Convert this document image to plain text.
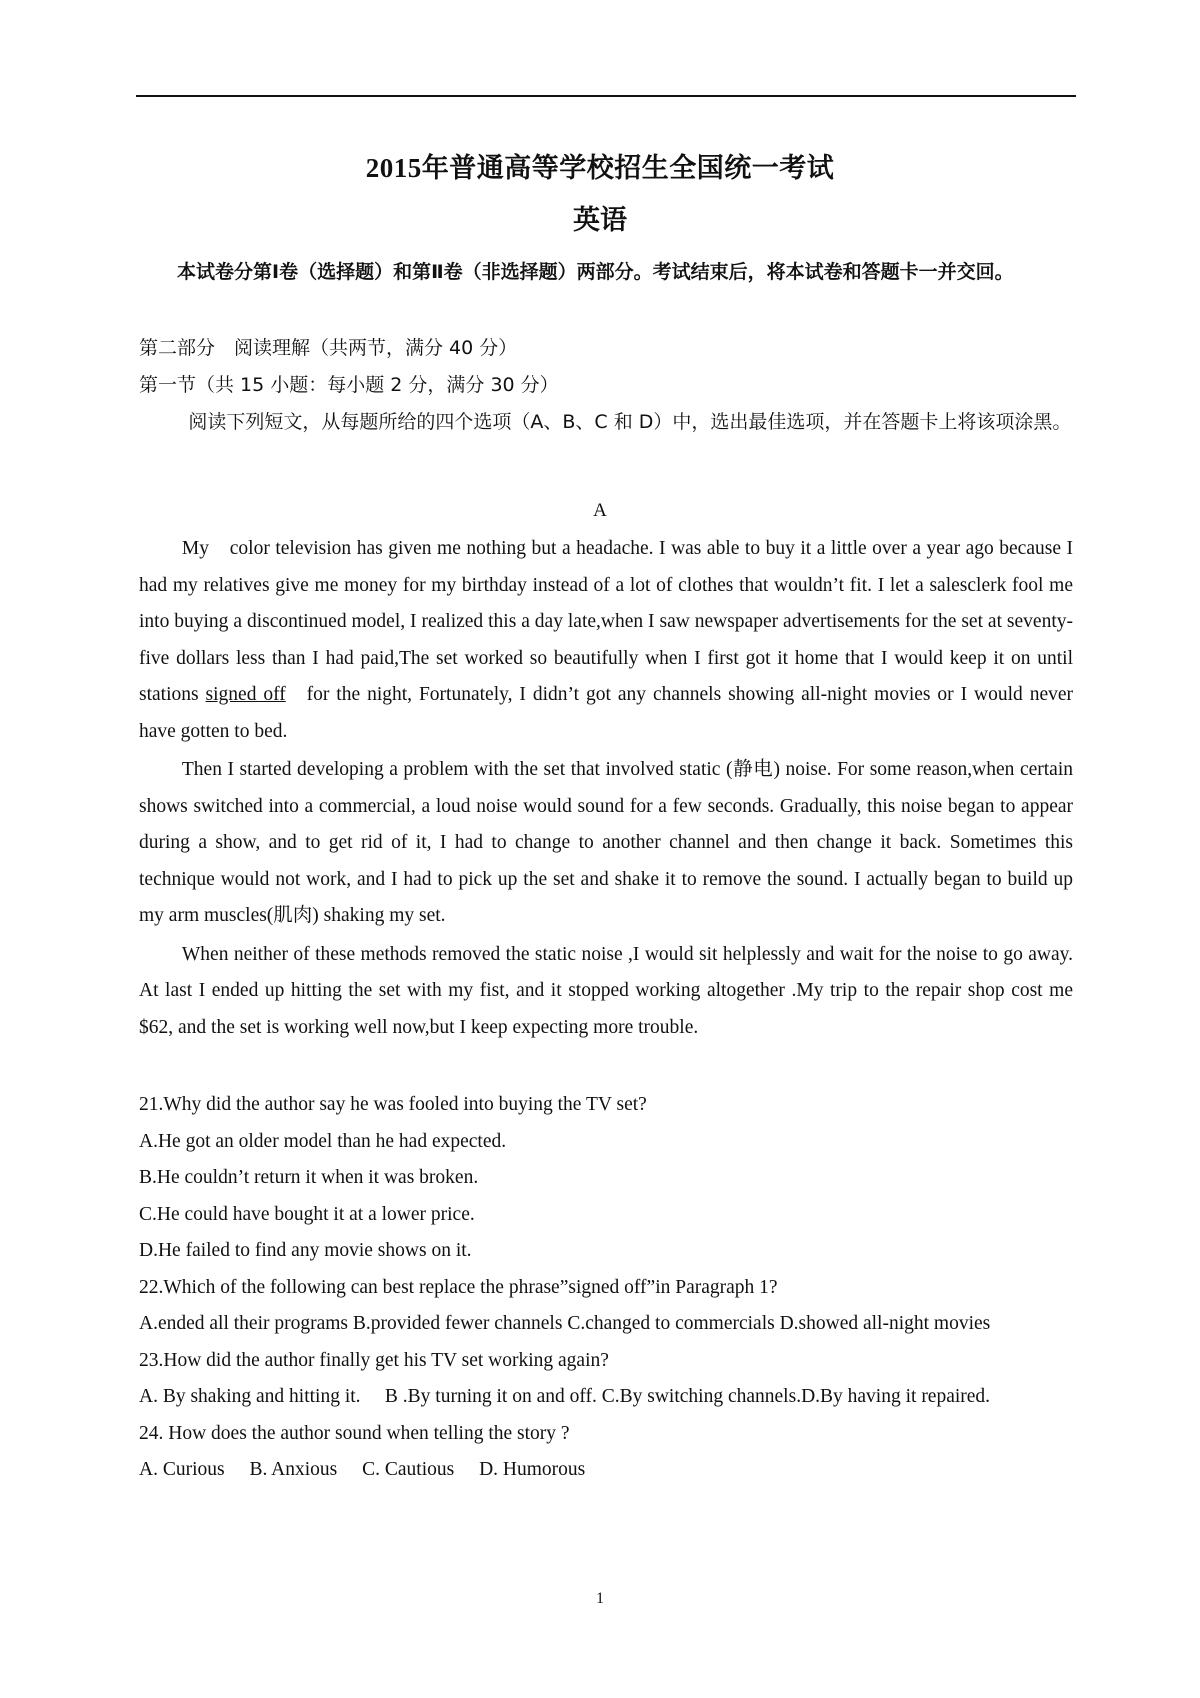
2015年普通高等学校招生全国统一考试
英语
本试卷分第Ⅰ卷（选择题）和第Ⅱ卷（非选择题）两部分。考试结束后，将本试卷和答题卡一并交回。
第二部分　阅读理解（共两节，满分 40 分）
第一节（共 15 小题：每小题 2 分，满分 30 分）
阅读下列短文，从每题所给的四个选项（A、B、C 和 D）中，选出最佳选项，并在答题卡上将该项涂黑。
A

My　color television has given me nothing but a headache. I was able to buy it a little over a year ago because I had my relatives give me money for my birthday instead of a lot of clothes that wouldn’t fit. I let a salesclerk fool me into buying a discontinued model, I realized this a day late,when I saw newspaper advertisements for the set at seventy-five dollars less than I had paid,The set worked so beautifully when I first got it home that I would keep it on until stations signed off for the night, Fortunately, I didn’t got any channels showing all-night movies or I would never have gotten to bed.

Then I started developing a problem with the set that involved static (静电) noise. For some reason,when certain shows switched into a commercial, a loud noise would sound for a few seconds. Gradually, this noise began to appear during a show, and to get rid of it, I had to change to another channel and then change it back. Sometimes this technique would not work, and I had to pick up the set and shake it to remove the sound. I actually began to build up my arm muscles(肌肉) shaking my set.

When neither of these methods removed the static noise ,I would sit helplessly and wait for the noise to go away. At last I ended up hitting the set with my fist, and it stopped working altogether .My trip to the repair shop cost me $62, and the set is working well now,but I keep expecting more trouble.

21.Why did the author say he was fooled into buying the TV set?
A.He got an older model than he had expected.
B.He couldn’t return it when it was broken.
C.He could have bought it at a lower price.
D.He failed to find any movie shows on it.
22.Which of the following can best replace the phrase”signed off”in Paragraph 1?
A.ended all their programs B.provided fewer channels C.changed to commercials D.showed all-night movies
23.How did the author finally get his TV set working again?
A. By shaking and hitting it.　 B .By turning it on and off. C.By switching channels.D.By having it repaired.
24. How does the author sound when telling the story ?
A. Curious B. Anxious C. Cautious D. Humorous
1
